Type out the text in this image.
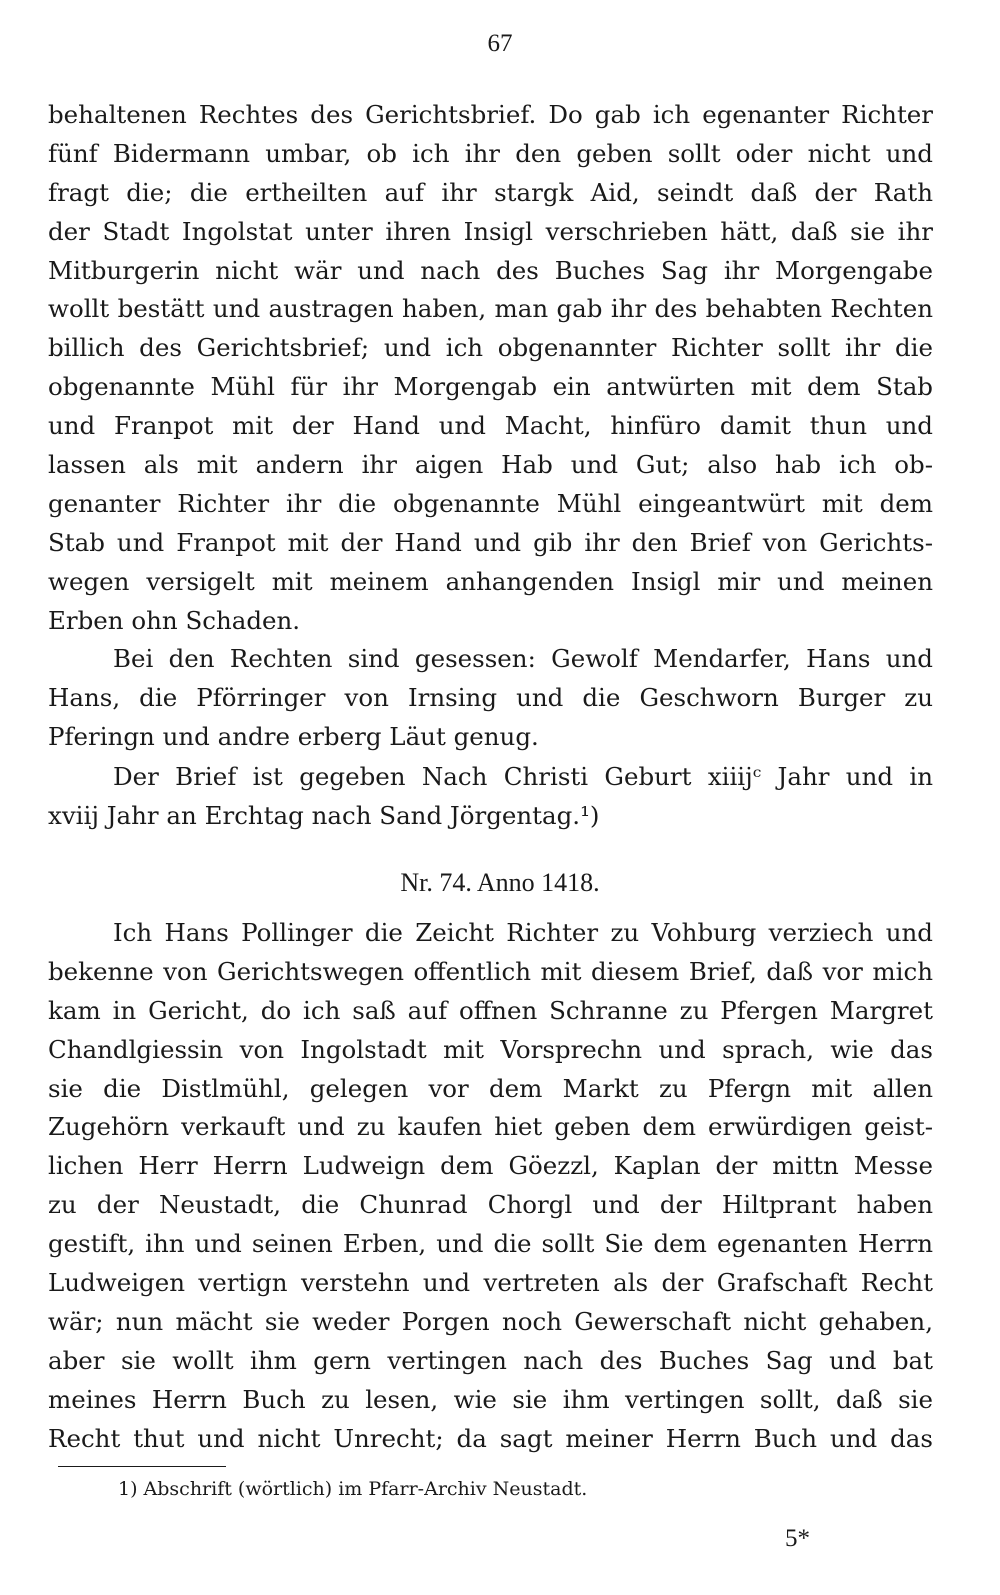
67
behaltenen Rechtes des Gerichtsbrief. Do gab ich egenanter Richter
fünf Bidermann umbar, ob ich ihr den geben sollt oder nicht und
fragt die; die ertheilten auf ihr stargk Aid, seindt daß der Rath
der Stadt Ingolstat unter ihren Insigl verschrieben hätt, daß sie ihr
Mitburgerin nicht wär und nach des Buches Sag ihr Morgengabe
wollt bestätt und austragen haben, man gab ihr des behabten Rechten
billich des Gerichtsbrief; und ich obgenannter Richter sollt ihr die
obgenannte Mühl für ihr Morgengab ein antwürten mit dem Stab
und Franpot mit der Hand und Macht, hinfüro damit thun und
lassen als mit andern ihr aigen Hab und Gut; also hab ich ob-
genanter Richter ihr die obgenannte Mühl eingeantwürt mit dem
Stab und Franpot mit der Hand und gib ihr den Brief von Gerichts-
wegen versigelt mit meinem anhangenden Insigl mir und meinen
Erben ohn Schaden.
Bei den Rechten sind gesessen: Gewolf Mendarfer, Hans und
Hans, die Pförringer von Irnsing und die Geschworn Burger zu
Pferingn und andre erberg Läut genug.
Der Brief ist gegeben Nach Christi Geburt xiiijᶜ Jahr und in
xviij Jahr an Erchtag nach Sand Jörgentag.¹)
Nr. 74. Anno 1418.
Ich Hans Pollinger die Zeicht Richter zu Vohburg verziech und
bekenne von Gerichtswegen offentlich mit diesem Brief, daß vor mich
kam in Gericht, do ich saß auf offnen Schranne zu Pfergen Margret
Chandlgiessin von Ingolstadt mit Vorsprechn und sprach, wie das
sie die Distlmühl, gelegen vor dem Markt zu Pfergn mit allen
Zugehörn verkauft und zu kaufen hiet geben dem erwürdigen geist-
lichen Herr Herrn Ludweign dem Göezzl, Kaplan der mittn Messe
zu der Neustadt, die Chunrad Chorgl und der Hiltprant haben
gestift, ihn und seinen Erben, und die sollt Sie dem egenanten Herrn
Ludweigen vertign verstehn und vertreten als der Grafschaft Recht
wär; nun mächt sie weder Porgen noch Gewerschaft nicht gehaben,
aber sie wollt ihm gern vertingen nach des Buches Sag und bat
meines Herrn Buch zu lesen, wie sie ihm vertingen sollt, daß sie
Recht thut und nicht Unrecht; da sagt meiner Herrn Buch und das
1) Abschrift (wörtlich) im Pfarr-Archiv Neustadt.
5*
